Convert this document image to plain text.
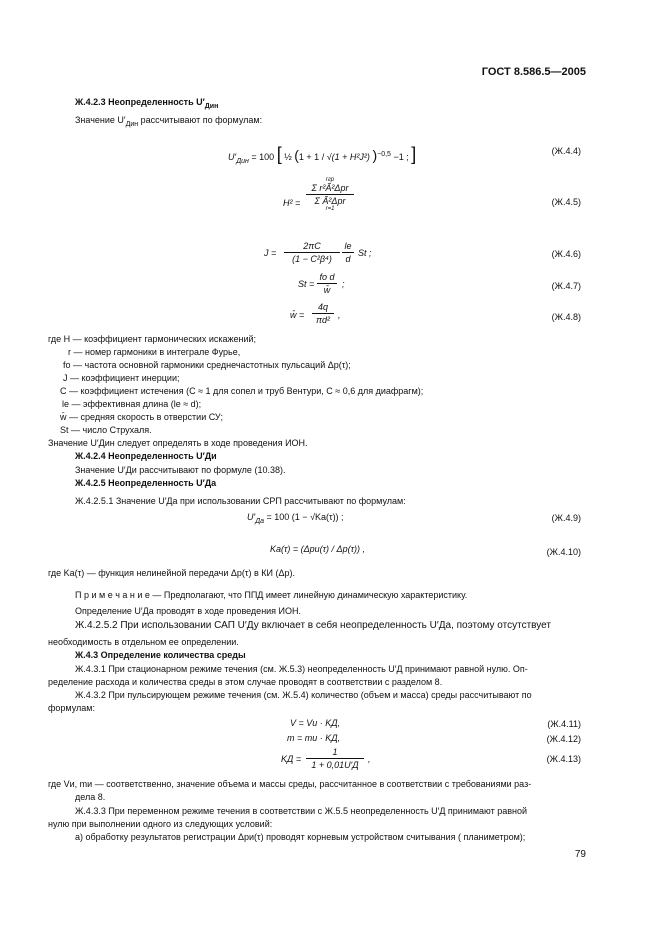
ГОСТ 8.586.5—2005
Ж.4.2.3 Неопределенность $U'_{Дин}$
Значение $U'_{Дин}$ рассчитывают по формулам:
$U'_{Дин} = 100$ [ ½ (1 + 1 / √(1 + H²J²) )$^{-0,5}$ −1 ; ]	(Ж.4.4)
H² =
rгр
Σ r²Ã²Δpr
Σ Ã²Δpr
r=1
(Ж.4.5)
J =
2πC
(1 − C²β⁴)
lе
d
St ;	(Ж.4.6)
St =
fо d
w̄
;	(Ж.4.7)
w̄ =
4q
πd² ,	(Ж.4.8)
где H — коэффициент гармонических искажений;
r — номер гармоники в интеграле Фурье,
fо — частота основной гармоники среднечастотных пульсаций Δp(τ);
J — коэффициент инерции;
C — коэффициент истечения (C ≈ 1 для сопел и труб Вентури, C ≈ 0,6 для диафрагм);
lе — эффективная длина (lе ≈ d);
w̄ — средняя скорость в отверстии СУ;
St — число Струхаля.
Значение U′Дин следует определять в ходе проведения ИОН.
Ж.4.2.4 Неопределенность U′Ди
Значение U′Ди рассчитывают по формуле (10.38).
Ж.4.2.5 Неопределенность U′Да
Ж.4.2.5.1 Значение U′Да при использовании СРП рассчитывают по формулам:
$U'_{Да} = 100$ (1 − √Kа(τ)) ;	(Ж.4.9)
Kа(τ) = (Δpи(τ) / Δp(τ)) ,	(Ж.4.10)
где Kа(τ) — функция нелинейной передачи Δp(τ) в КИ (Δp).
П р и м е ч а н и е — Предполагают, что ППД имеет линейную динамическую характеристику.
Определение U′Да проводят в ходе проведения ИОН.
Ж.4.2.5.2 При использовании САП U′Ду включает в себя неопределенность U′Да, поэтому отсутствует
необходимость в отдельном ее определении.
Ж.4.3 Определение количества среды
Ж.4.3.1 При стационарном режиме течения (см. Ж.5.3) неопределенность U′Д принимают равной нулю. Оп-
ределение расхода и количества среды в этом случае проводят в соответствии с разделом 8.
Ж.4.3.2 При пульсирующем режиме течения (см. Ж.5.4) количество (объем и масса) среды рассчитывают по
формулам:
V = Vи · KД,	(Ж.4.11)
m = mи · KД,	(Ж.4.12)
KД =
1
1 + 0,01U′Д
,	(Ж.4.13)
где Vи, mи — соответственно, значение объема и массы среды, рассчитанное в соответствии с требованиями раз-
дела 8.
Ж.4.3.3 При переменном режиме течения в соответствии с Ж.5.5 неопределенность U′Д принимают равной
нулю при выполнении одного из следующих условий:
а) обработку результатов регистрации Δpи(τ) проводят корневым устройством считывания ( планиметром);
79
